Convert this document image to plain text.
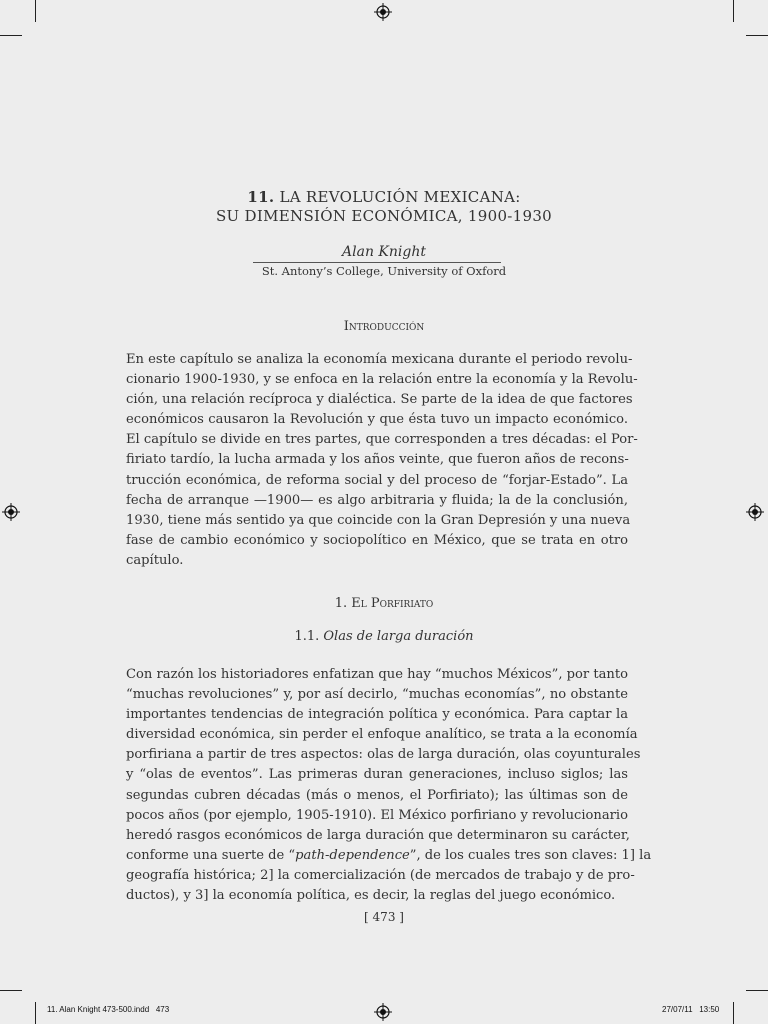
11. LA REVOLUCIÓN MEXICANA:
SU DIMENSIÓN ECONÓMICA, 1900-1930
Alan Knight
St. Antony’s College, University of Oxford
Introducción
En este capítulo se analiza la economía mexicana durante el periodo revolu-
cionario 1900-1930, y se enfoca en la relación entre la economía y la Revolu-
ción, una relación recíproca y dialéctica. Se parte de la idea de que factores
económicos causaron la Revolución y que ésta tuvo un impacto económico.
El capítulo se divide en tres partes, que corresponden a tres décadas: el Por-
firiato tardío, la lucha armada y los años veinte, que fueron años de recons-
trucción económica, de reforma social y del proceso de “forjar-Estado”. La
fecha de arranque —1900— es algo arbitraria y fluida; la de la conclusión,
1930, tiene más sentido ya que coincide con la Gran Depresión y una nueva
fase de cambio económico y sociopolítico en México, que se trata en otro
capítulo.
1. El Porfiriato
1.1. Olas de larga duración
Con razón los historiadores enfatizan que hay “muchos Méxicos”, por tanto
“muchas revoluciones” y, por así decirlo, “muchas economías”, no obstante
importantes tendencias de integración política y económica. Para captar la
diversidad económica, sin perder el enfoque analítico, se trata a la economía
porfiriana a partir de tres aspectos: olas de larga duración, olas coyunturales
y “olas de eventos”. Las primeras duran generaciones, incluso siglos; las
segundas cubren décadas (más o menos, el Porfiriato); las últimas son de
pocos años (por ejemplo, 1905-1910). El México porfiriano y revolucionario
heredó rasgos económicos de larga duración que determinaron su carácter,
conforme una suerte de “path-dependence”, de los cuales tres son claves: 1] la
geografía histórica; 2] la comercialización (de mercados de trabajo y de pro-
ductos), y 3] la economía política, es decir, la reglas del juego económico.
[ 473 ]
11. Alan Knight 473-500.indd   473	27/07/11   13:50
